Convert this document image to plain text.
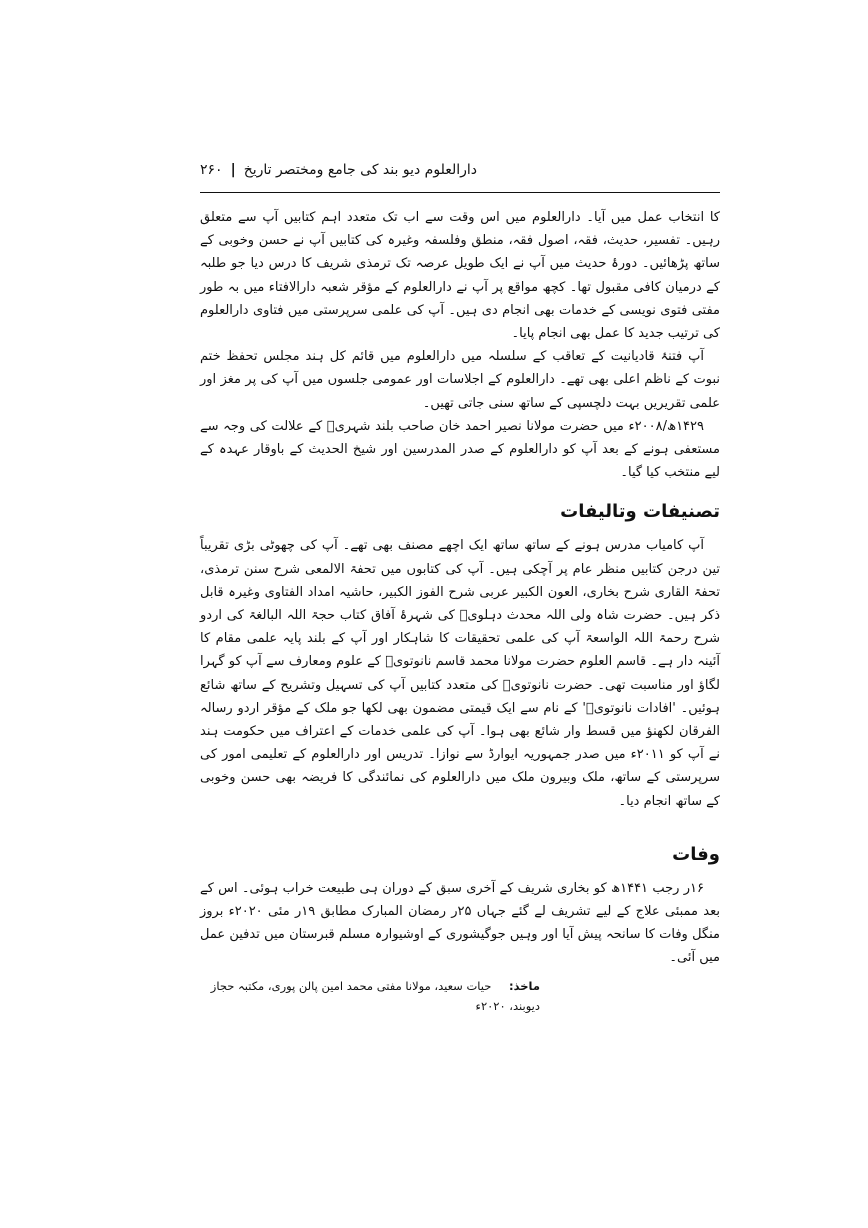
۲۶۰ | دارالعلوم دیو بند کی جامع ومختصر تاریخ

کا انتخاب عمل میں آیا۔ دارالعلوم میں اس وقت سے اب تک متعدد اہم کتابیں آپ سے متعلق رہیں۔ تفسیر، حدیث، فقہ، اصول فقہ، منطق وفلسفہ وغیرہ کی کتابیں آپ نے حسن وخوبی کے ساتھ پڑھائیں۔ دورۂ حدیث میں آپ نے ایک طویل عرصہ تک ترمذی شریف کا درس دیا جو طلبہ کے درمیان کافی مقبول تھا۔ کچھ مواقع پر آپ نے دارالعلوم کے مؤقر شعبہ دارالافتاء میں بہ طور مفتی فتوی نویسی کے خدمات بھی انجام دی ہیں۔ آپ کی علمی سرپرستی میں فتاوی دارالعلوم کی ترتیب جدید کا عمل بھی انجام پایا۔

آپ فتنۂ قادیانیت کے تعاقب کے سلسلہ میں دارالعلوم میں قائم کل ہند مجلس تحفظ ختم نبوت کے ناظم اعلی بھی تھے۔ دارالعلوم کے اجلاسات اور عمومی جلسوں میں آپ کی پر مغز اور علمی تقریریں بہت دلچسپی کے ساتھ سنی جاتی تھیں۔

۱۴۲۹ھ/۲۰۰۸ء میں حضرت مولانا نصیر احمد خان صاحب بلند شہریؒ کے علالت کی وجہ سے مستعفی ہونے کے بعد آپ کو دارالعلوم کے صدر المدرسین اور شیخ الحدیث کے باوقار عہدہ کے لیے منتخب کیا گیا۔

تصنیفات وتالیفات

آپ کامیاب مدرس ہونے کے ساتھ ساتھ ایک اچھے مصنف بھی تھے۔ آپ کی چھوٹی بڑی تقریباً تین درجن کتابیں منظر عام پر آچکی ہیں۔ آپ کی کتابوں میں تحفۃ الالمعی شرح سنن ترمذی، تحفۃ القاری شرح بخاری، العون الکبیر عربی شرح الفوز الکبیر، حاشیہ امداد الفتاوی وغیرہ قابل ذکر ہیں۔ حضرت شاہ ولی اللہ محدث دہلویؒ کی شہرۂ آفاق کتاب حجۃ اللہ البالغۃ کی اردو شرح رحمۃ اللہ الواسعۃ آپ کی علمی تحقیقات کا شاہکار اور آپ کے بلند پایہ علمی مقام کا آئینہ دار ہے۔ قاسم العلوم حضرت مولانا محمد قاسم نانوتویؒ کے علوم ومعارف سے آپ کو گہرا لگاؤ اور مناسبت تھی۔ حضرت نانوتویؒ کی متعدد کتابیں آپ کی تسہیل وتشریح کے ساتھ شائع ہوئیں۔ 'افادات نانوتویؒ' کے نام سے ایک قیمتی مضمون بھی لکھا جو ملک کے مؤقر اردو رسالہ الفرقان لکھنؤ میں قسط وار شائع بھی ہوا۔ آپ کی علمی خدمات کے اعتراف میں حکومت ہند نے آپ کو ۲۰۱۱ء میں صدر جمہوریہ ایوارڈ سے نوازا۔ تدریس اور دارالعلوم کے تعلیمی امور کی سرپرستی کے ساتھ، ملک وبیرون ملک میں دارالعلوم کی نمائندگی کا فریضہ بھی حسن وخوبی کے ساتھ انجام دیا۔

وفات

۱۶ر رجب ۱۴۴۱ھ کو بخاری شریف کے آخری سبق کے دوران ہی طبیعت خراب ہوئی۔ اس کے بعد ممبئی علاج کے لیے تشریف لے گئے جہاں ۲۵ر رمضان المبارک مطابق ۱۹ر مئی ۲۰۲۰ء بروز منگل وفات کا سانحہ پیش آیا اور وہیں جوگیشوری کے اوشیوارہ مسلم قبرستان میں تدفین عمل میں آئی۔

ماخذ: حیات سعید، مولانا مفتی محمد امین پالن پوری، مکتبہ حجاز دیوبند، ۲۰۲۰ء
